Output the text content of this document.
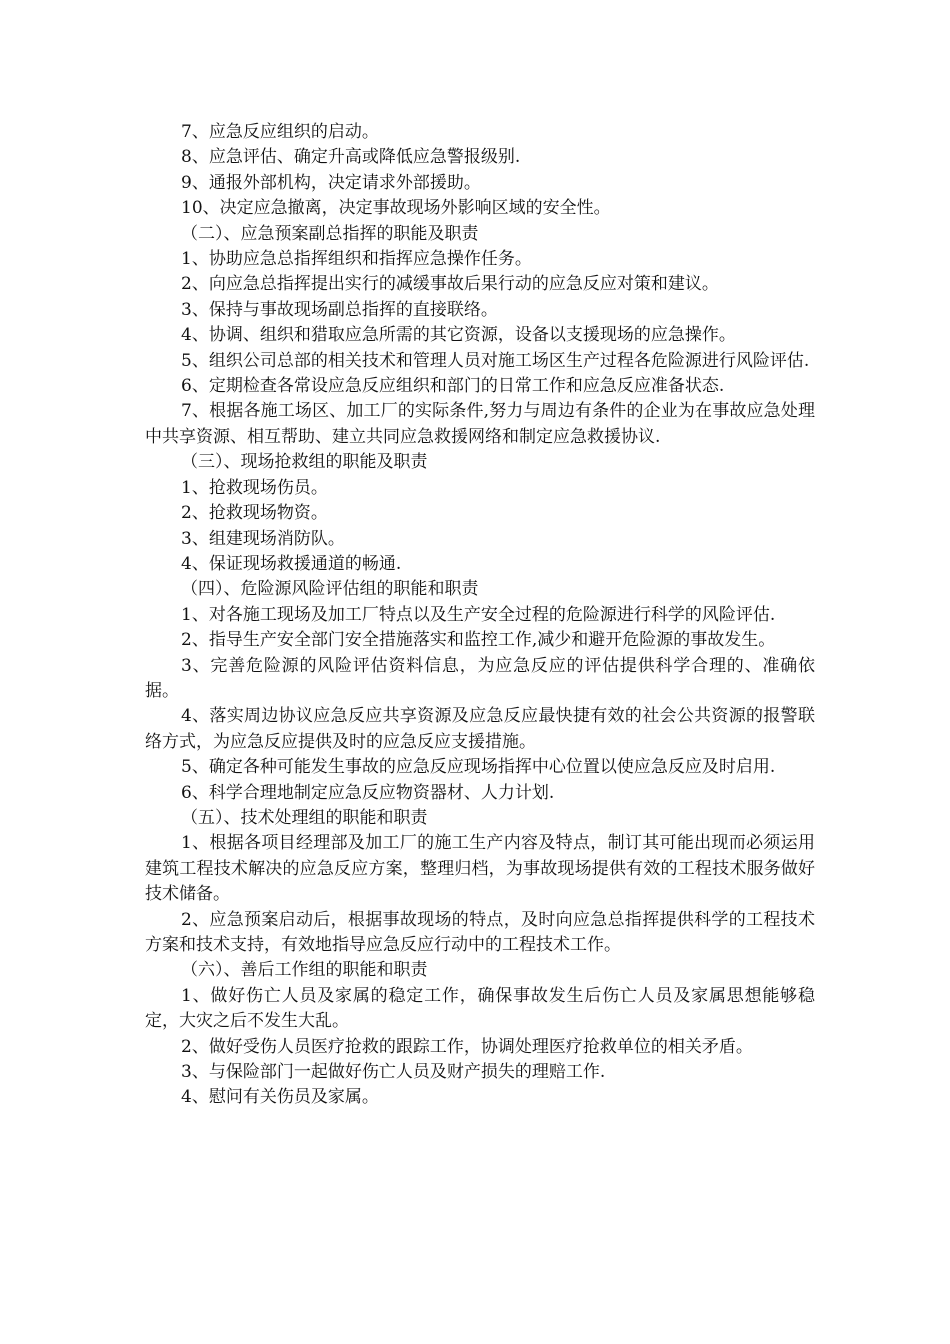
7、应急反应组织的启动。

8、应急评估、确定升高或降低应急警报级别.

9、通报外部机构，决定请求外部援助。

10、决定应急撤离，决定事故现场外影响区域的安全性。

（二）、应急预案副总指挥的职能及职责

1、协助应急总指挥组织和指挥应急操作任务。

2、向应急总指挥提出实行的减缓事故后果行动的应急反应对策和建议。

3、保持与事故现场副总指挥的直接联络。

4、协调、组织和猎取应急所需的其它资源，设备以支援现场的应急操作。

5、组织公司总部的相关技术和管理人员对施工场区生产过程各危险源进行风险评估.

6、定期检查各常设应急反应组织和部门的日常工作和应急反应准备状态.

7、根据各施工场区、加工厂的实际条件,努力与周边有条件的企业为在事故应急处理中共享资源、相互帮助、建立共同应急救援网络和制定应急救援协议.

（三）、现场抢救组的职能及职责

1、抢救现场伤员。

2、抢救现场物资。

3、组建现场消防队。

4、保证现场救援通道的畅通.

（四）、危险源风险评估组的职能和职责

1、对各施工现场及加工厂特点以及生产安全过程的危险源进行科学的风险评估.

2、指导生产安全部门安全措施落实和监控工作,减少和避开危险源的事故发生。

3、完善危险源的风险评估资料信息，为应急反应的评估提供科学合理的、准确依据。

4、落实周边协议应急反应共享资源及应急反应最快捷有效的社会公共资源的报警联络方式，为应急反应提供及时的应急反应支援措施。

5、确定各种可能发生事故的应急反应现场指挥中心位置以使应急反应及时启用.

6、科学合理地制定应急反应物资器材、人力计划.

（五）、技术处理组的职能和职责

1、根据各项目经理部及加工厂的施工生产内容及特点，制订其可能出现而必须运用建筑工程技术解决的应急反应方案，整理归档，为事故现场提供有效的工程技术服务做好技术储备。

2、应急预案启动后，根据事故现场的特点，及时向应急总指挥提供科学的工程技术方案和技术支持，有效地指导应急反应行动中的工程技术工作。

（六）、善后工作组的职能和职责

1、做好伤亡人员及家属的稳定工作，确保事故发生后伤亡人员及家属思想能够稳定，大灾之后不发生大乱。

2、做好受伤人员医疗抢救的跟踪工作，协调处理医疗抢救单位的相关矛盾。

3、与保险部门一起做好伤亡人员及财产损失的理赔工作.

4、慰问有关伤员及家属。
